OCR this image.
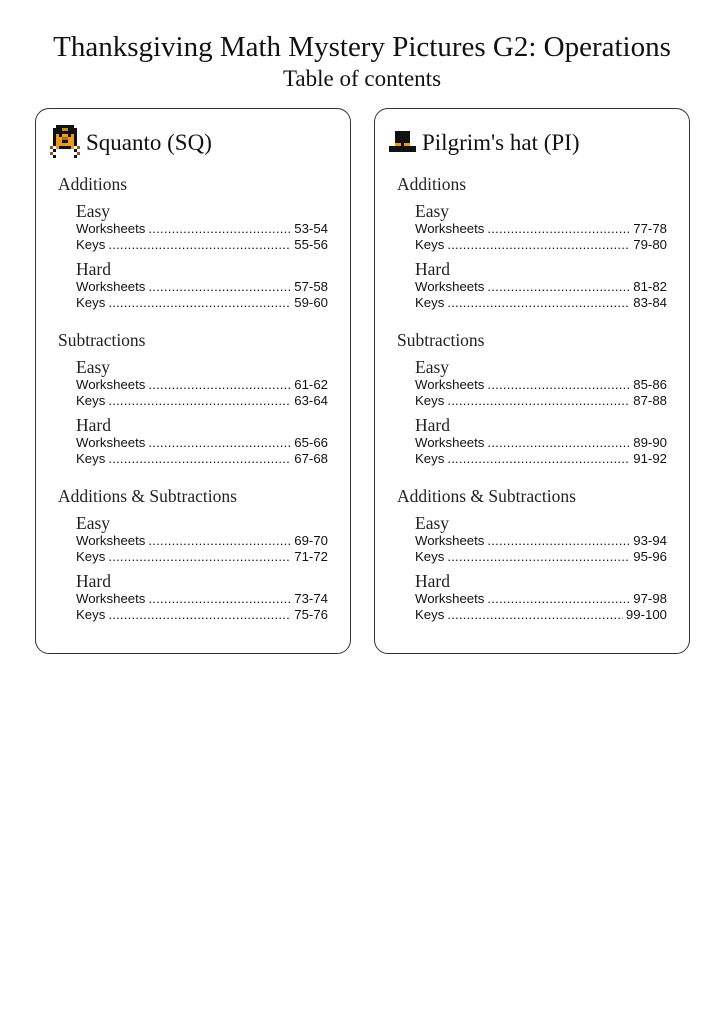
Thanksgiving Math Mystery Pictures G2: Operations
Table of contents
Squanto (SQ)
Additions
Easy
Worksheets .....	53-54
Keys .....	55-56
Hard
Worksheets .....	57-58
Keys .....	59-60
Subtractions
Easy
Worksheets .....	61-62
Keys .....	63-64
Hard
Worksheets .....	65-66
Keys .....	67-68
Additions & Subtractions
Easy
Worksheets .....	69-70
Keys .....	71-72
Hard
Worksheets .....	73-74
Keys .....	75-76
Pilgrim's hat (PI)
Additions
Easy
Worksheets .....	77-78
Keys .....	79-80
Hard
Worksheets .....	81-82
Keys .....	83-84
Subtractions
Easy
Worksheets .....	85-86
Keys .....	87-88
Hard
Worksheets .....	89-90
Keys .....	91-92
Additions & Subtractions
Easy
Worksheets .....	93-94
Keys .....	95-96
Hard
Worksheets .....	97-98
Keys .....	99-100
